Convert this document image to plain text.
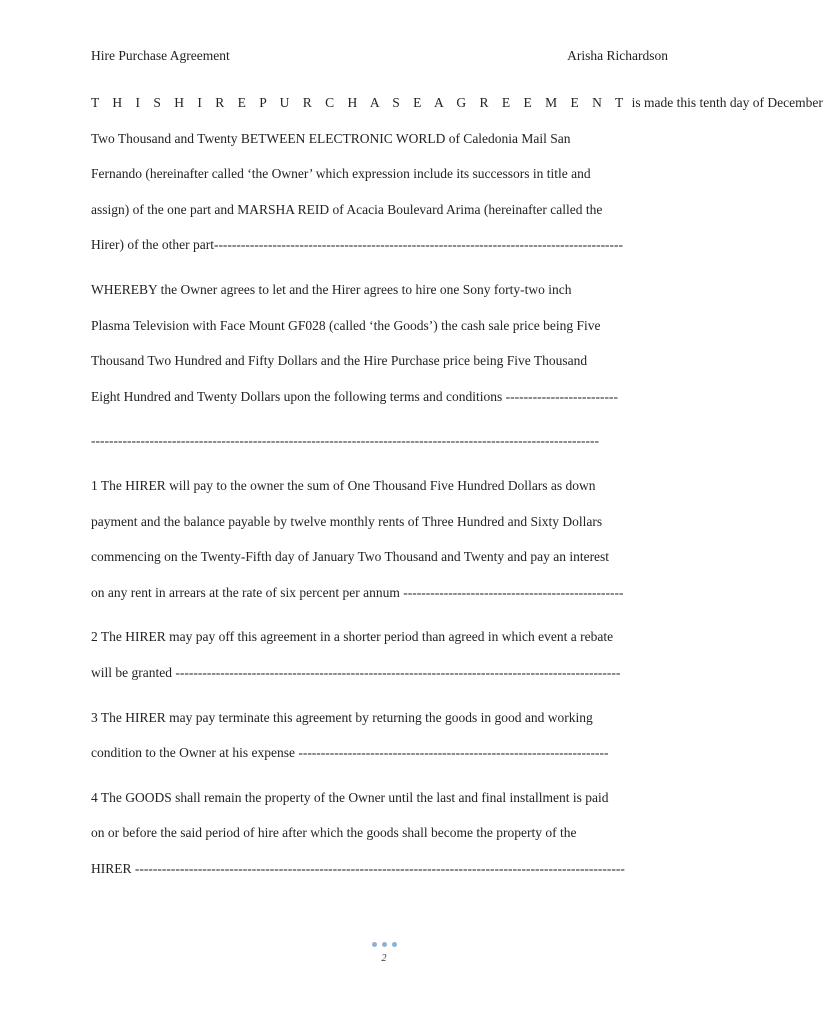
Hire Purchase Agreement	Arisha Richardson
T H I S H I R E P U R C H A S E A G R E E M E N T is made this tenth day of December
Two Thousand and Twenty BETWEEN ELECTRONIC WORLD of Caledonia Mail San
Fernando (hereinafter called ‘the Owner’ which expression include its successors in title and
assign) of the one part and MARSHA REID of Acacia Boulevard Arima (hereinafter called the
Hirer) of the other part-------------------------------------------------------------------------------------------
WHEREBY the Owner agrees to let and the Hirer agrees to hire one Sony forty-two inch
Plasma Television with Face Mount GF028 (called ‘the Goods’) the cash sale price being Five
Thousand Two Hundred and Fifty Dollars and the Hire Purchase price being Five Thousand
Eight Hundred and Twenty Dollars upon the following terms and conditions -------------------------
-----------------------------------------------------------------------------------------------------------------
1 The HIRER will pay to the owner the sum of One Thousand Five Hundred Dollars as down
payment and the balance payable by twelve monthly rents of Three Hundred and Sixty Dollars
commencing on the Twenty-Fifth day of January Two Thousand and Twenty and pay an interest
on any rent in arrears at the rate of six percent per annum -------------------------------------------------
2 The HIRER may pay off this agreement in a shorter period than agreed in which event a rebate
will be granted ---------------------------------------------------------------------------------------------------
3 The HIRER may pay terminate this agreement by returning the goods in good and working
condition to the Owner at his expense ---------------------------------------------------------------------
4 The GOODS shall remain the property of the Owner until the last and final installment is paid
on or before the said period of hire after which the goods shall become the property of the
HIRER -------------------------------------------------------------------------------------------------------------
2
